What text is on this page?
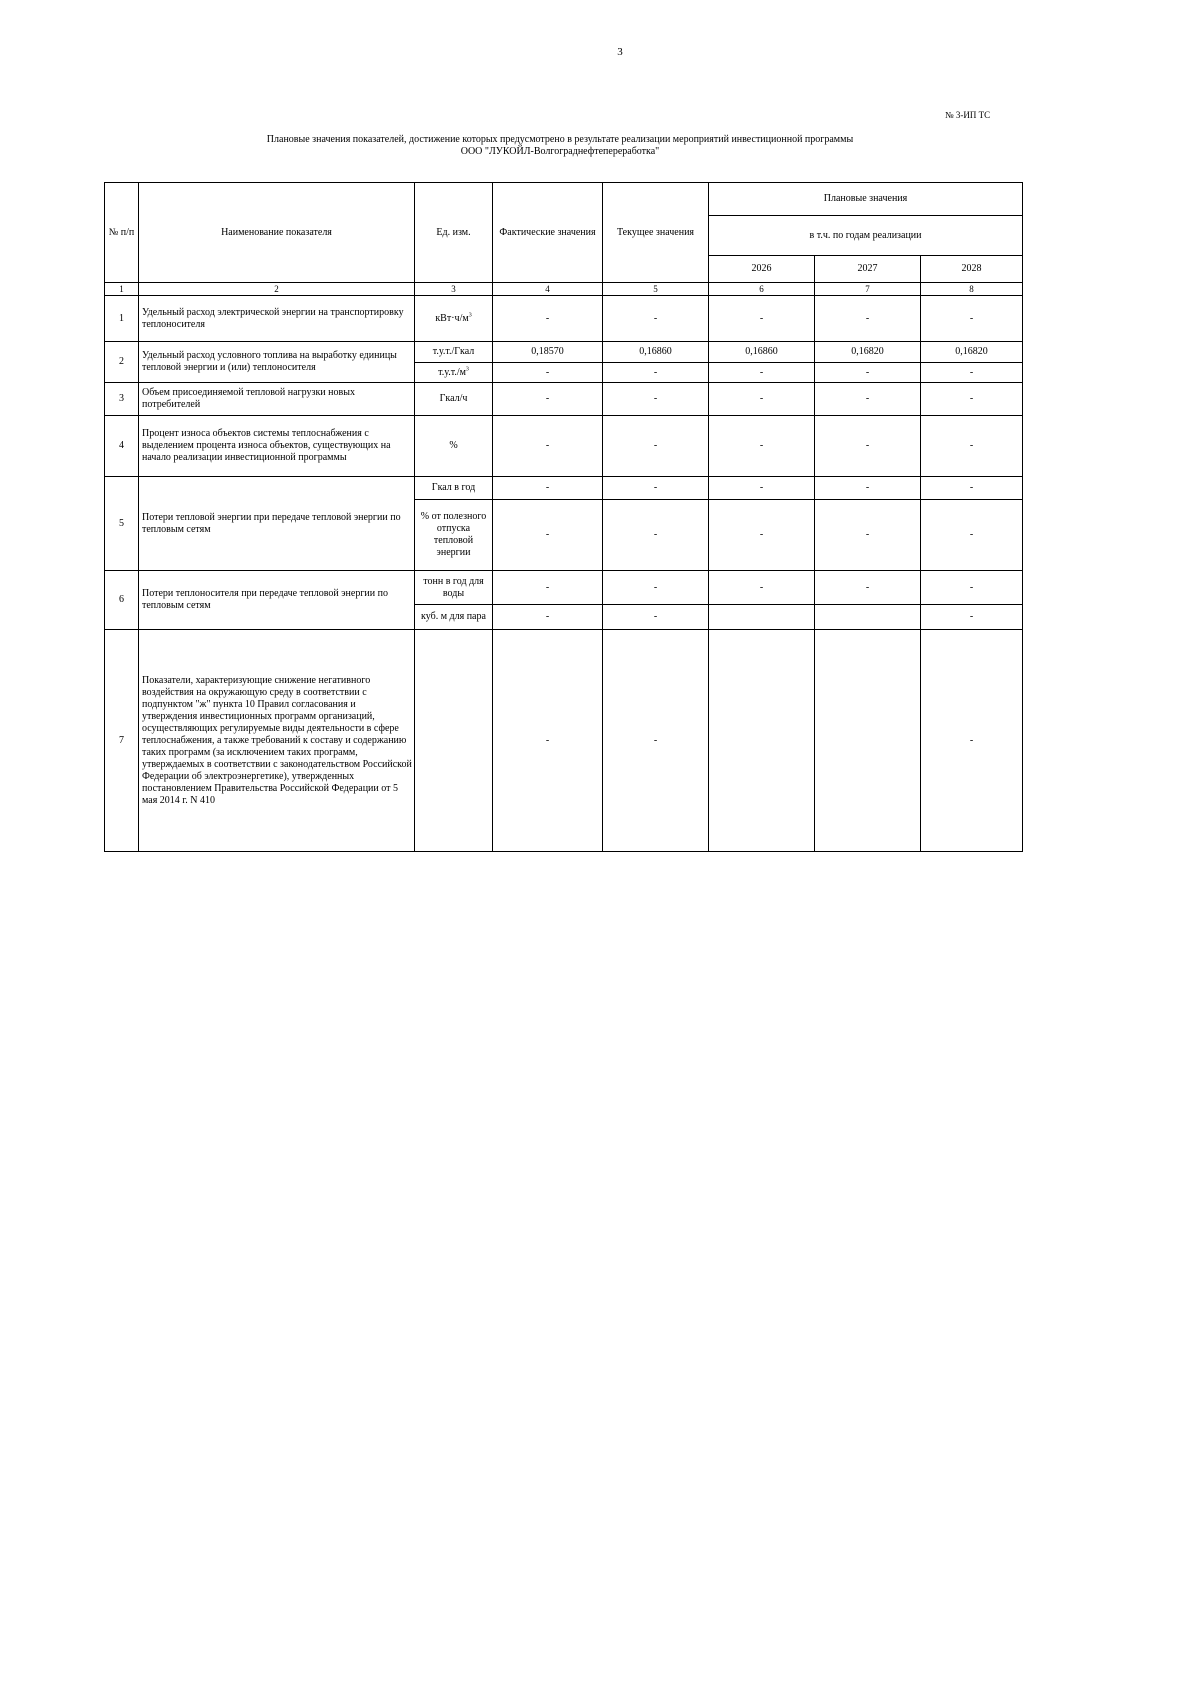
3
№ 3-ИП ТС
Плановые значения показателей, достижение которых предусмотрено в результате реализации мероприятий инвестиционной программы
ООО "ЛУКОЙЛ-Волгограднефтепереработка"
№ п/п	Наименование показателя	Ед. изм.	Фактические значения	Текущее значения	Плановые значения		
					в т.ч. по годам реализации		
					2026	2027	2028
1	2	3	4	5	6	7	8
1	Удельный расход электрической энергии на транспортировку теплоносителя	$кВт\cdot ч/м^3$	-	-	-	-	-
2	Удельный расход условного топлива на выработку единицы тепловой энергии и (или) теплоносителя	т.у.т./Гкал	0,18570	0,16860	0,16860	0,16820	0,16820
		$т.у.т./м^3$	-	-	-	-	-
3	Объем присоединяемой тепловой нагрузки новых потребителей	Гкал/ч	-	-	-	-	-
4	Процент износа объектов системы теплоснабжения с выделением процента износа объектов, существующих на начало реализации инвестиционной программы	%	-	-	-	-	-
5	Потери тепловой энергии при передаче тепловой энергии по тепловым сетям	Гкал в год	-	-	-	-	-
		% от полезного отпуска тепловой энергии	-	-	-	-	-
6	Потери теплоносителя при передаче тепловой энергии по тепловым сетям	тонн в год для воды	-	-	-	-	-
		куб. м для пара	-	-			-
7	Показатели, характеризующие снижение негативного воздействия на окружающую среду в соответствии с подпунктом "ж" пункта 10 Правил согласования и утверждения инвестиционных программ организаций, осуществляющих регулируемые виды деятельности в сфере теплоснабжения, а также требований к составу и содержанию таких программ (за исключением таких программ, утверждаемых в соответствии с законодательством Российской Федерации об электроэнергетике), утвержденных постановлением Правительства Российской Федерации от 5 мая 2014 г. N 410		-	-			-
